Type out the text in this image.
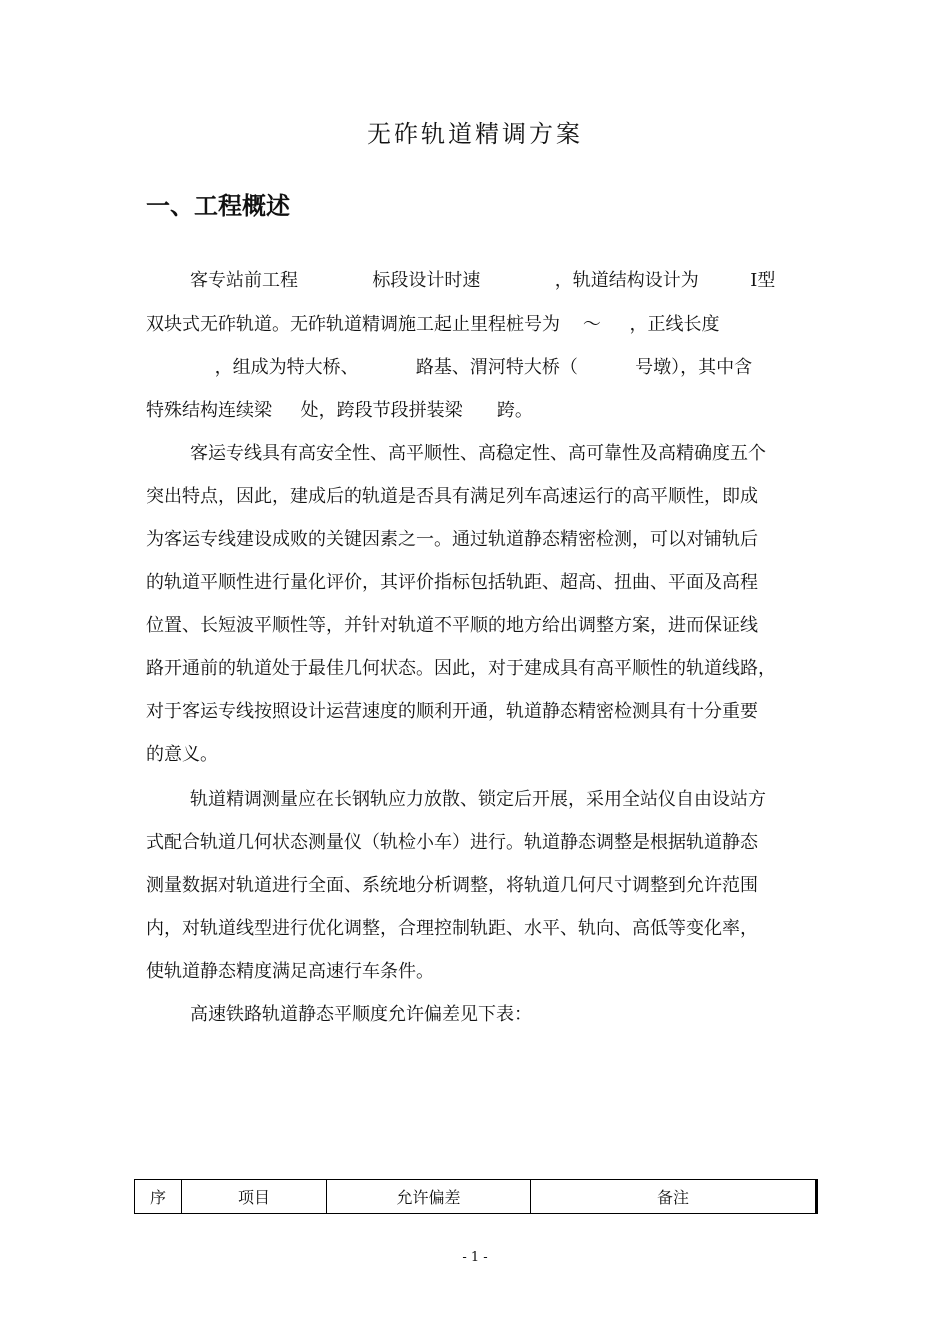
无砟轨道精调方案
一、工程概述
客专站前工程             标段设计时速             ，轨道结构设计为         Ⅰ型
双块式无砟轨道。无砟轨道精调施工起止里程桩号为    ～     ，正线长度
，组成为特大桥、          路基、渭河特大桥（          号墩），其中含
特殊结构连续梁     处，跨段节段拼装梁      跨。
客运专线具有高安全性、高平顺性、高稳定性、高可靠性及高精确度五个
突出特点，因此，建成后的轨道是否具有满足列车高速运行的高平顺性，即成
为客运专线建设成败的关键因素之一。通过轨道静态精密检测，可以对铺轨后
的轨道平顺性进行量化评价，其评价指标包括轨距、超高、扭曲、平面及高程
位置、长短波平顺性等，并针对轨道不平顺的地方给出调整方案，进而保证线
路开通前的轨道处于最佳几何状态。因此，对于建成具有高平顺性的轨道线路，
对于客运专线按照设计运营速度的顺利开通，轨道静态精密检测具有十分重要
的意义。
轨道精调测量应在长钢轨应力放散、锁定后开展，采用全站仪自由设站方
式配合轨道几何状态测量仪（轨检小车）进行。轨道静态调整是根据轨道静态
测量数据对轨道进行全面、系统地分析调整，将轨道几何尺寸调整到允许范围
内，对轨道线型进行优化调整，合理控制轨距、水平、轨向、高低等变化率，
使轨道静态精度满足高速行车条件。
高速铁路轨道静态平顺度允许偏差见下表：
序	项目	允许偏差	备注
- 1 -
